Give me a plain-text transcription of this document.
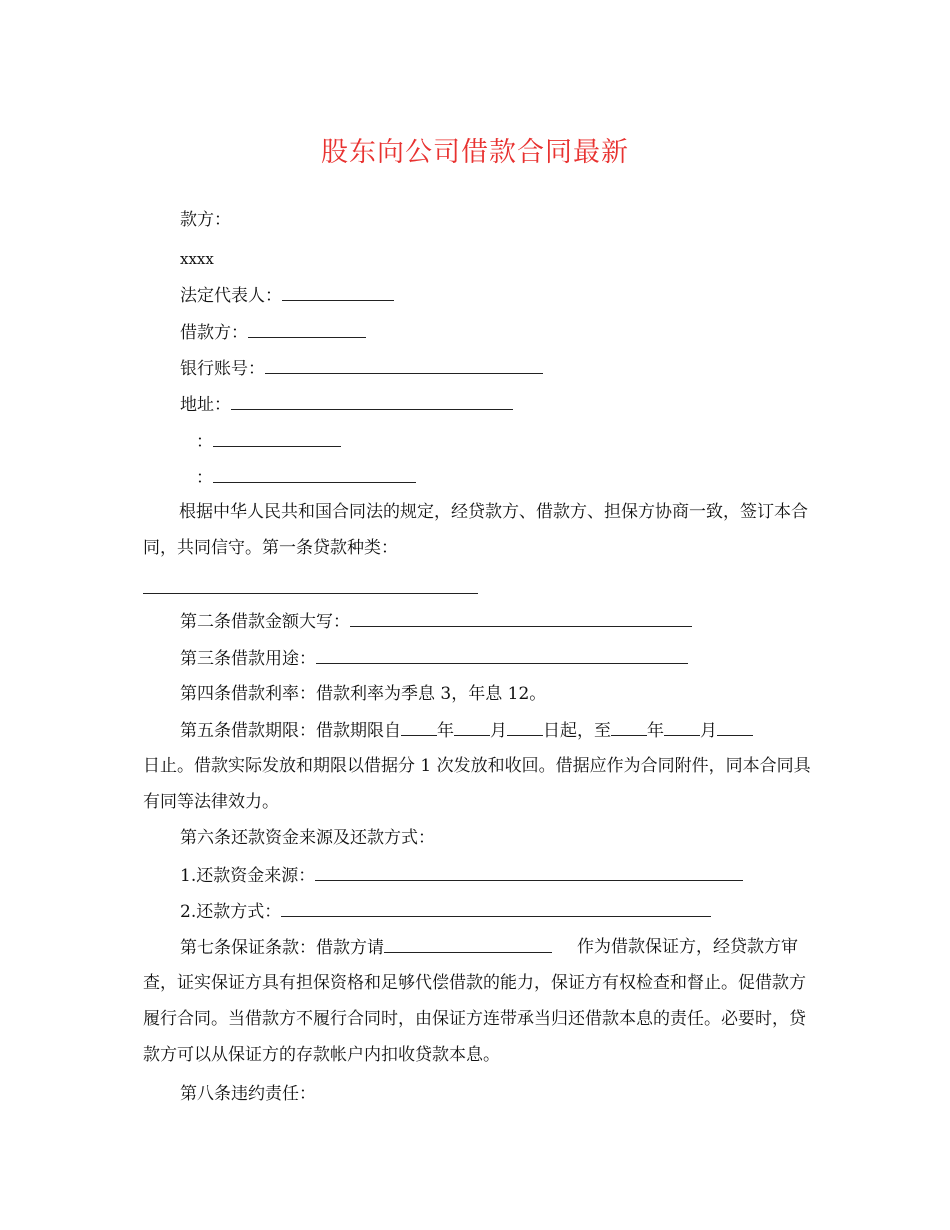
股东向公司借款合同最新
款方：
xxxx
法定代表人：
借款方：
银行账号：
地址：
：
：

根据中华人民共和国合同法的规定，经贷款方、借款方、担保方协商一致，签订本合同，共同信守。第一条贷款种类：

第二条借款金额大写：
第三条借款用途：
第四条借款利率：借款利率为季息 3，年息 12。
第五条借款期限：借款期限自 年 月 日起，至 年 月

日止。借款实际发放和期限以借据分 1 次发放和收回。借据应作为合同附件，同本合同具有同等法律效力。

第六条还款资金来源及还款方式：
1.还款资金来源：
2.还款方式：
第七条保证条款：借款方请	作为借款保证方，经贷款方审查，证实保证方具有担保资格和足够代偿借款的能力，保证方有权检查和督止。促借款方履行合同。当借款方不履行合同时，由保证方连带承当归还借款本息的责任。必要时，贷款方可以从保证方的存款帐户内扣收贷款本息。

第八条违约责任：
